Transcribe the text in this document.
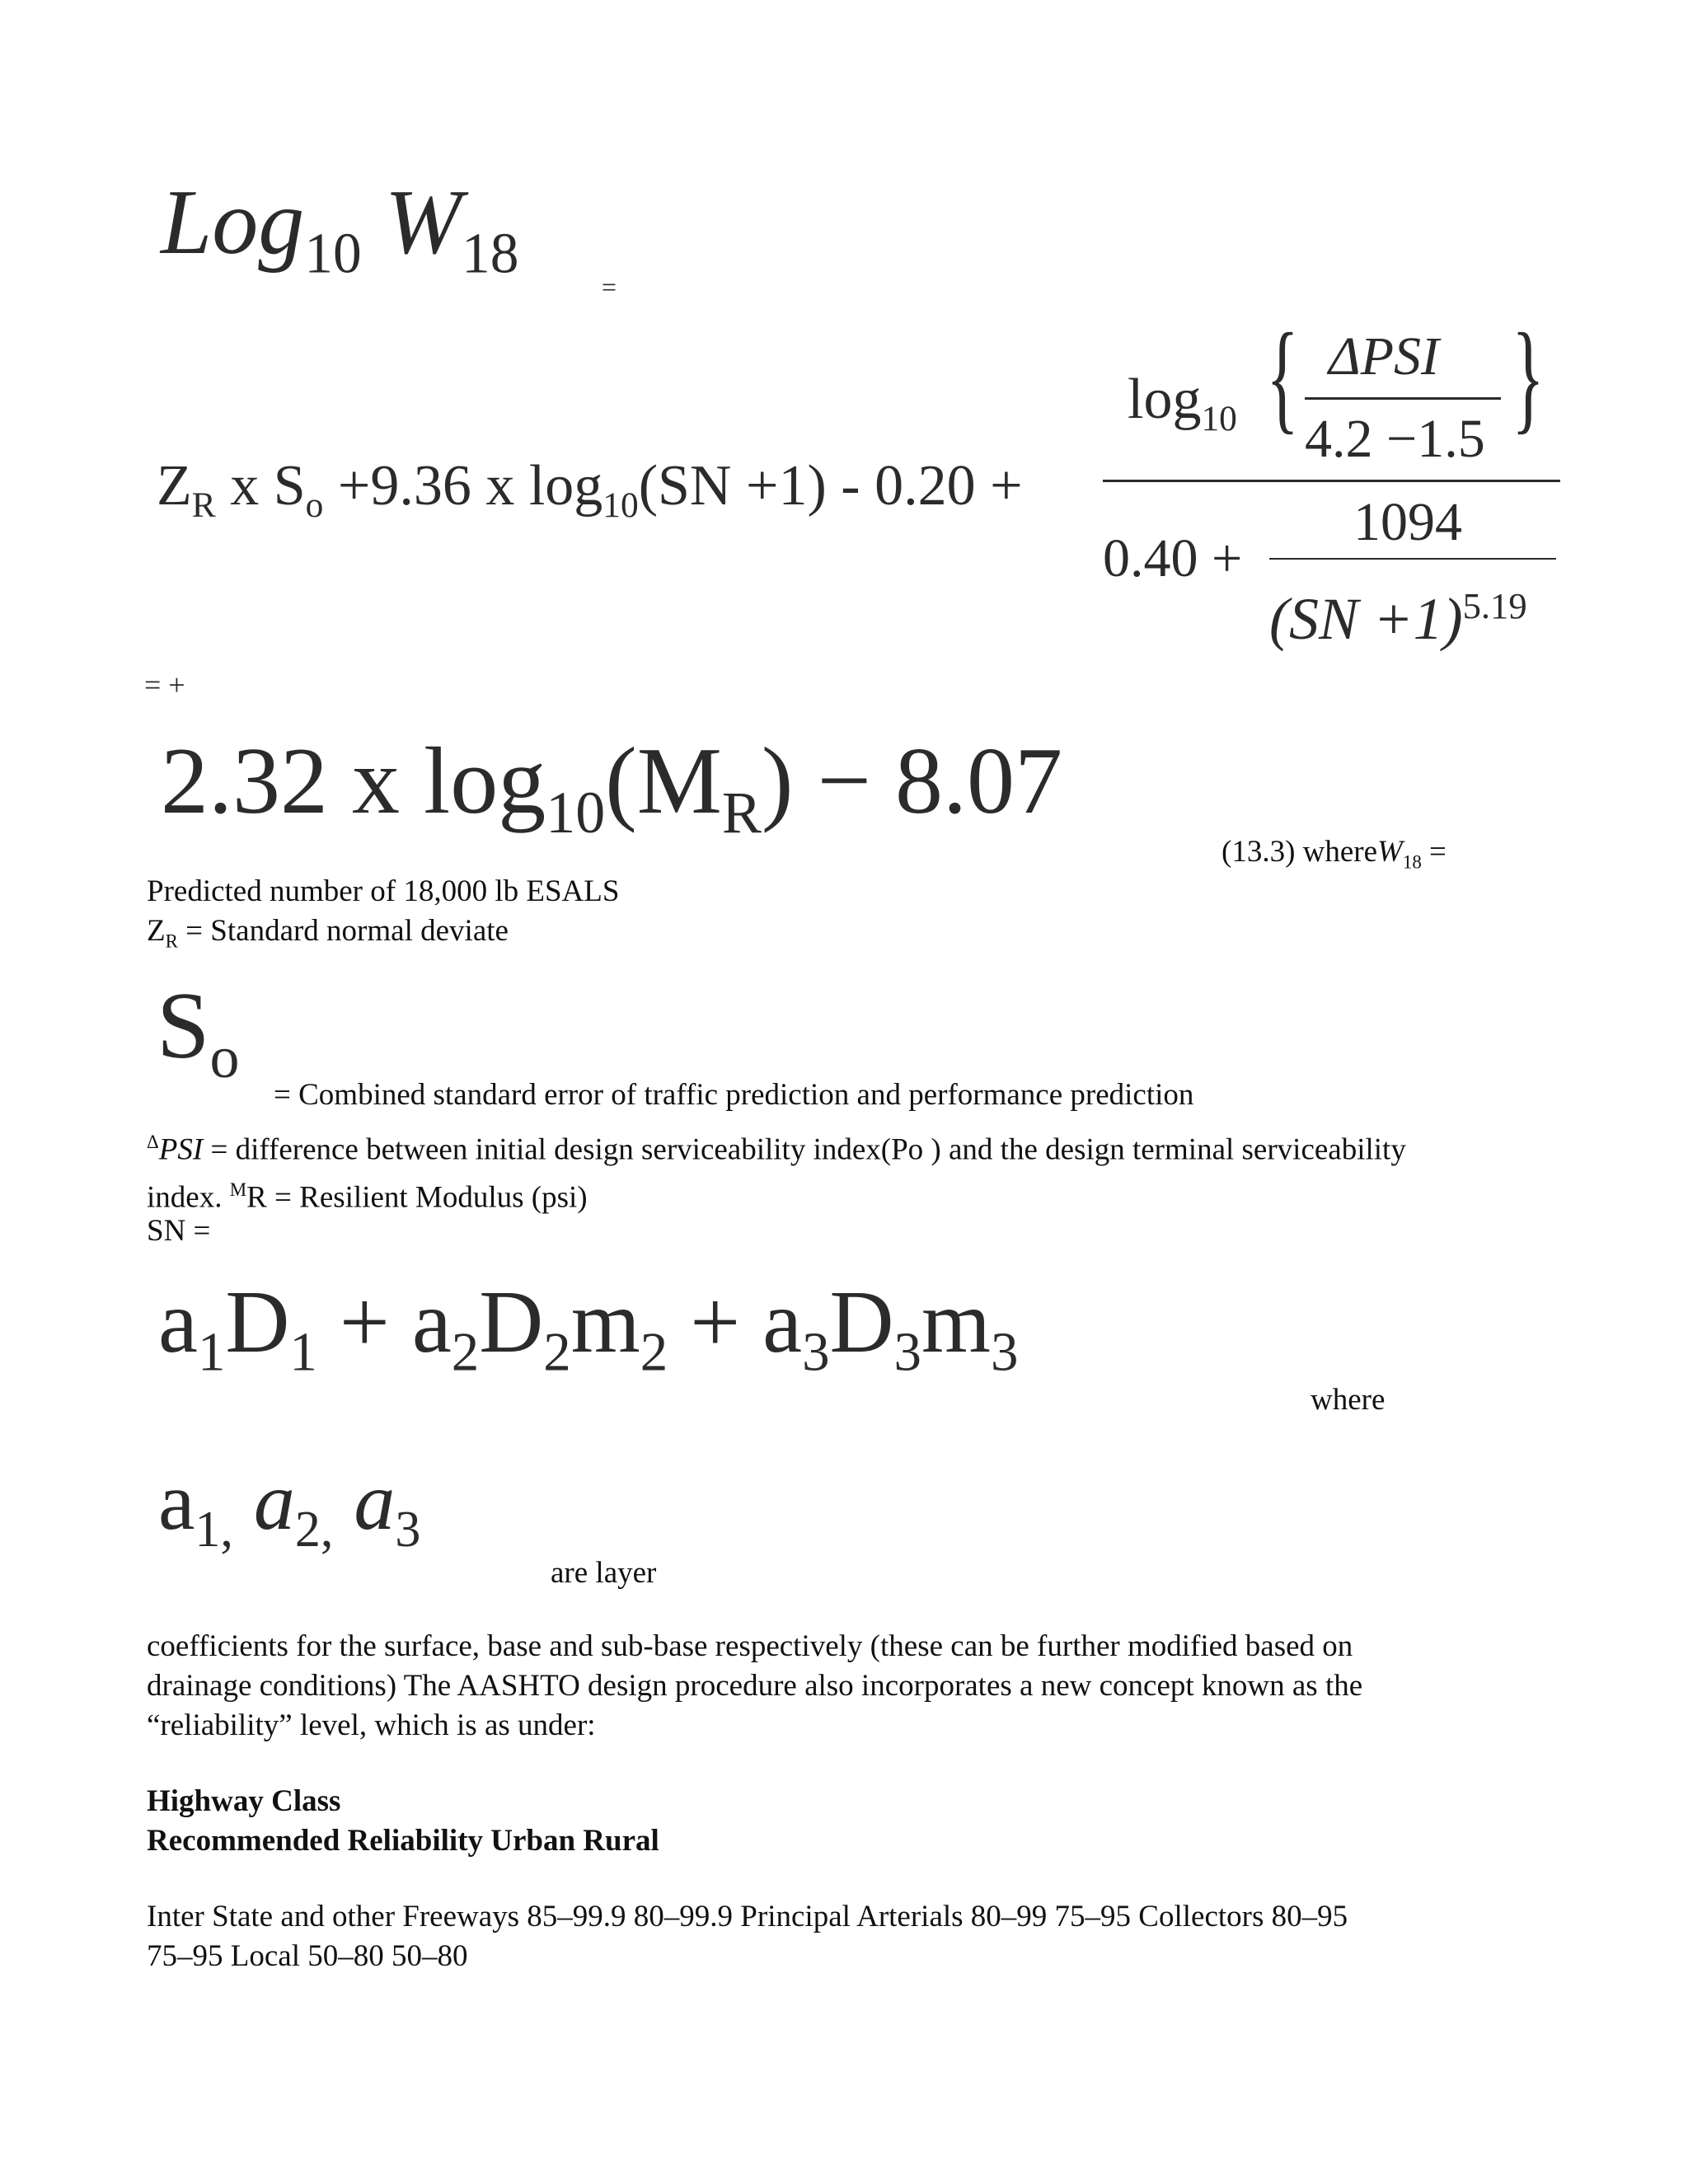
Log$_{10}$ $W_{18}$
=
$Z_R$ x $S_o +9.36$ x $\log_{10}(SN +1) - 0.20$ +
$\log_{10}$ { ΔPSI
4.2 −1.5 }
0.40 +
1094
(SN +1)$^{5.19}$
= +
2.32 x $\log_{10}(M_R) - 8.07$
(13.3) whereW$_{18}$ =
Predicted number of 18,000 lb ESALS
$Z_R$ = Standard normal deviate
$S_o$
= Combined standard error of traffic prediction and performance prediction
$^\Delta$PSI = difference between initial design serviceability index(Po ) and the design terminal serviceability
index. $^M$R = Resilient Modulus (psi)
SN =
$a_1D_1 + a_2D_2m_2 + a_3D_3m_3$
where
$a_{1,}$ $a_{2,}$ $a_3$
are layer
coefficients for the surface, base and sub-base respectively (these can be further modified based on
drainage conditions) The AASHTO design procedure also incorporates a new concept known as the
“reliability” level, which is as under:
Highway Class
Recommended Reliability Urban Rural
Inter State and other Freeways 85–99.9 80–99.9 Principal Arterials 80–99 75–95 Collectors 80–95
75–95 Local 50–80 50–80
